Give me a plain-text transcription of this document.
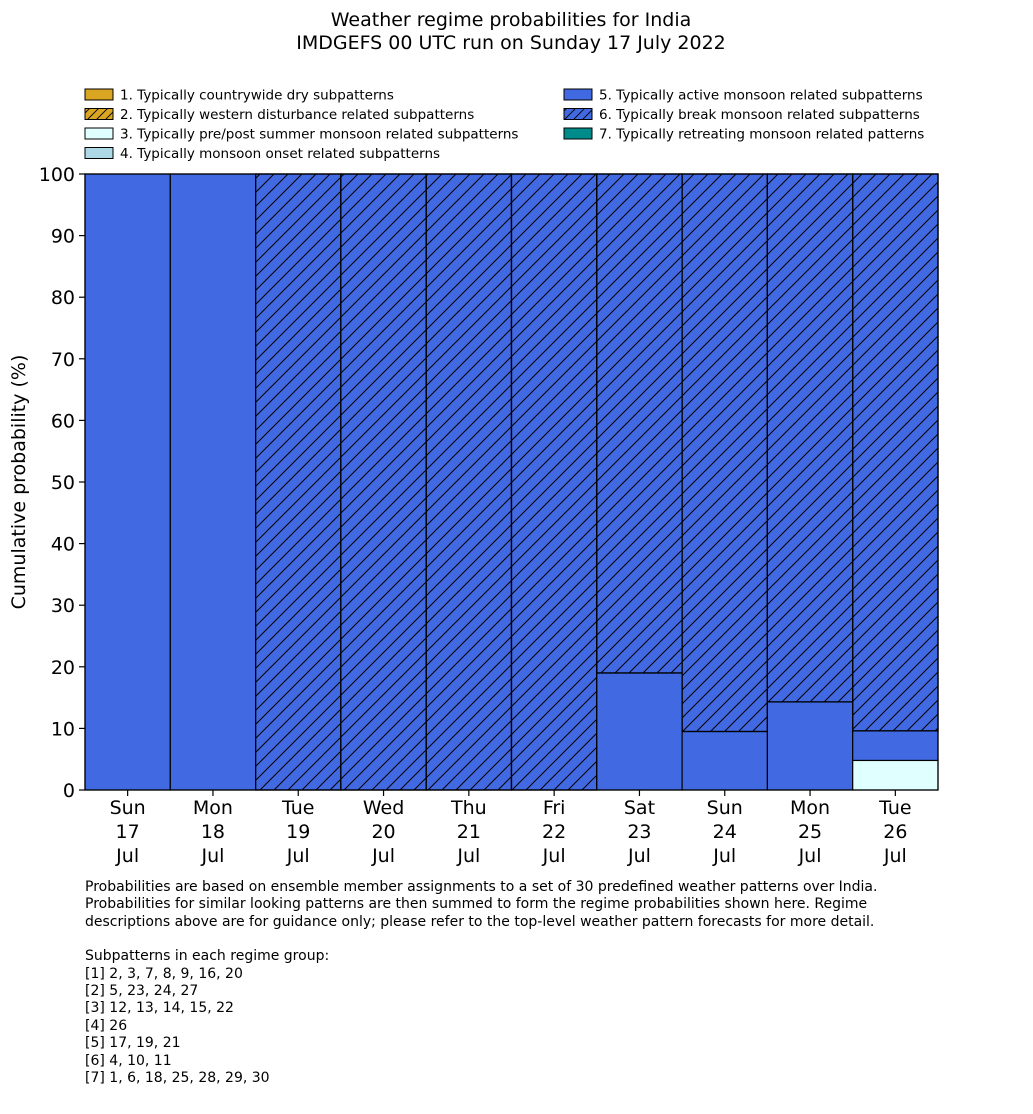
Weather regime probabilities for India
IMDGEFS 00 UTC run on Sunday 17 July 2022
1. Typically countrywide dry subpatterns
2. Typically western disturbance related subpatterns
3. Typically pre/post summer monsoon related subpatterns
4. Typically monsoon onset related subpatterns
5. Typically active monsoon related subpatterns
6. Typically break monsoon related subpatterns
7. Typically retreating monsoon related patterns
0
10
20
30
40
50
60
70
80
90
100
Sun
17
Jul
Mon
18
Jul
Tue
19
Jul
Wed
20
Jul
Thu
21
Jul
Fri
22
Jul
Sat
23
Jul
Sun
24
Jul
Mon
25
Jul
Tue
26
Jul
Cumulative probability (%)

Probabilities are based on ensemble member assignments to a set of 30 predefined weather patterns over India.

Probabilities for similar looking patterns are then summed to form the regime probabilities shown here. Regime

descriptions above are for guidance only; please refer to the top-level weather pattern forecasts for more detail.

Subpatterns in each regime group:

[1] 2, 3, 7, 8, 9, 16, 20

[2] 5, 23, 24, 27

[3] 12, 13, 14, 15, 22

[4] 26

[5] 17, 19, 21

[6] 4, 10, 11

[7] 1, 6, 18, 25, 28, 29, 30
